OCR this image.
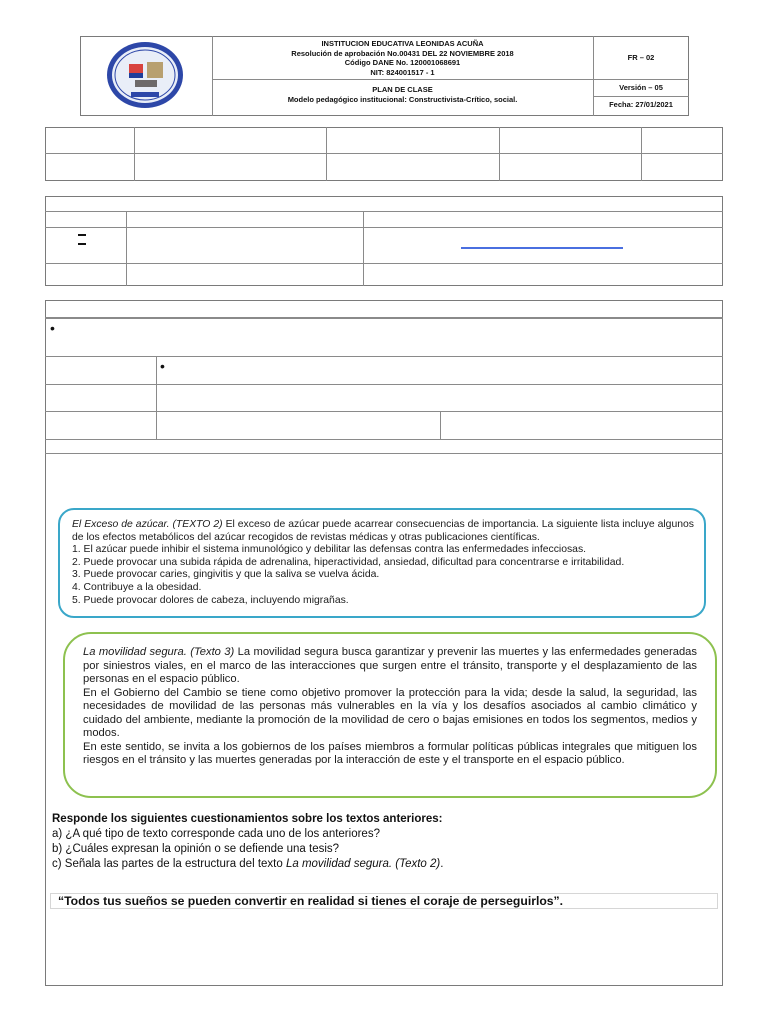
INSTITUCION EDUCATIVA LEONIDAS ACUÑA
Resolución de aprobación No.00431 DEL 22 NOVIEMBRE 2018
Código DANE No. 120001068691
NIT: 824001517 - 1
PLAN DE CLASE
Modelo pedagógico institucional: Constructivista-Crítico, social.
FR – 02
Versión – 05
Fecha: 27/01/2021
•
•
El Exceso de azúcar. (TEXTO 2) El exceso de azúcar puede acarrear consecuencias de importancia. La siguiente lista incluye algunos de los efectos metabólicos del azúcar recogidos de revistas médicas y otras publicaciones científicas.
1. El azúcar puede inhibir el sistema inmunológico y debilitar las defensas contra las enfermedades infecciosas.
2. Puede provocar una subida rápida de adrenalina, hiperactividad, ansiedad, dificultad para concentrarse e irritabilidad.
3. Puede provocar caries, gingivitis y que la saliva se vuelva ácida.
4. Contribuye a la obesidad.
5. Puede provocar dolores de cabeza, incluyendo migrañas.
La movilidad segura. (Texto 3) La movilidad segura busca garantizar y prevenir las muertes y las enfermedades generadas por siniestros viales, en el marco de las interacciones que surgen entre el tránsito, transporte y el desplazamiento de las personas en el espacio público.
En el Gobierno del Cambio se tiene como objetivo promover la protección para la vida; desde la salud, la seguridad, las necesidades de movilidad de las personas más vulnerables en la vía y los desafíos asociados al cambio climático y cuidado del ambiente, mediante la promoción de la movilidad de cero o bajas emisiones en todos los segmentos, medios y modos.
En este sentido, se invita a los gobiernos de los países miembros a formular políticas públicas integrales que mitiguen los riesgos en el tránsito y las muertes generadas por la interacción de este y el transporte en el espacio público.
Responde los siguientes cuestionamientos sobre los textos anteriores:
a) ¿A qué tipo de texto corresponde cada uno de los anteriores?
b) ¿Cuáles expresan la opinión o se defiende una tesis?
c) Señala las partes de la estructura del texto La movilidad segura. (Texto 2).
“Todos tus sueños se pueden convertir en realidad si tienes el coraje de perseguirlos”.
